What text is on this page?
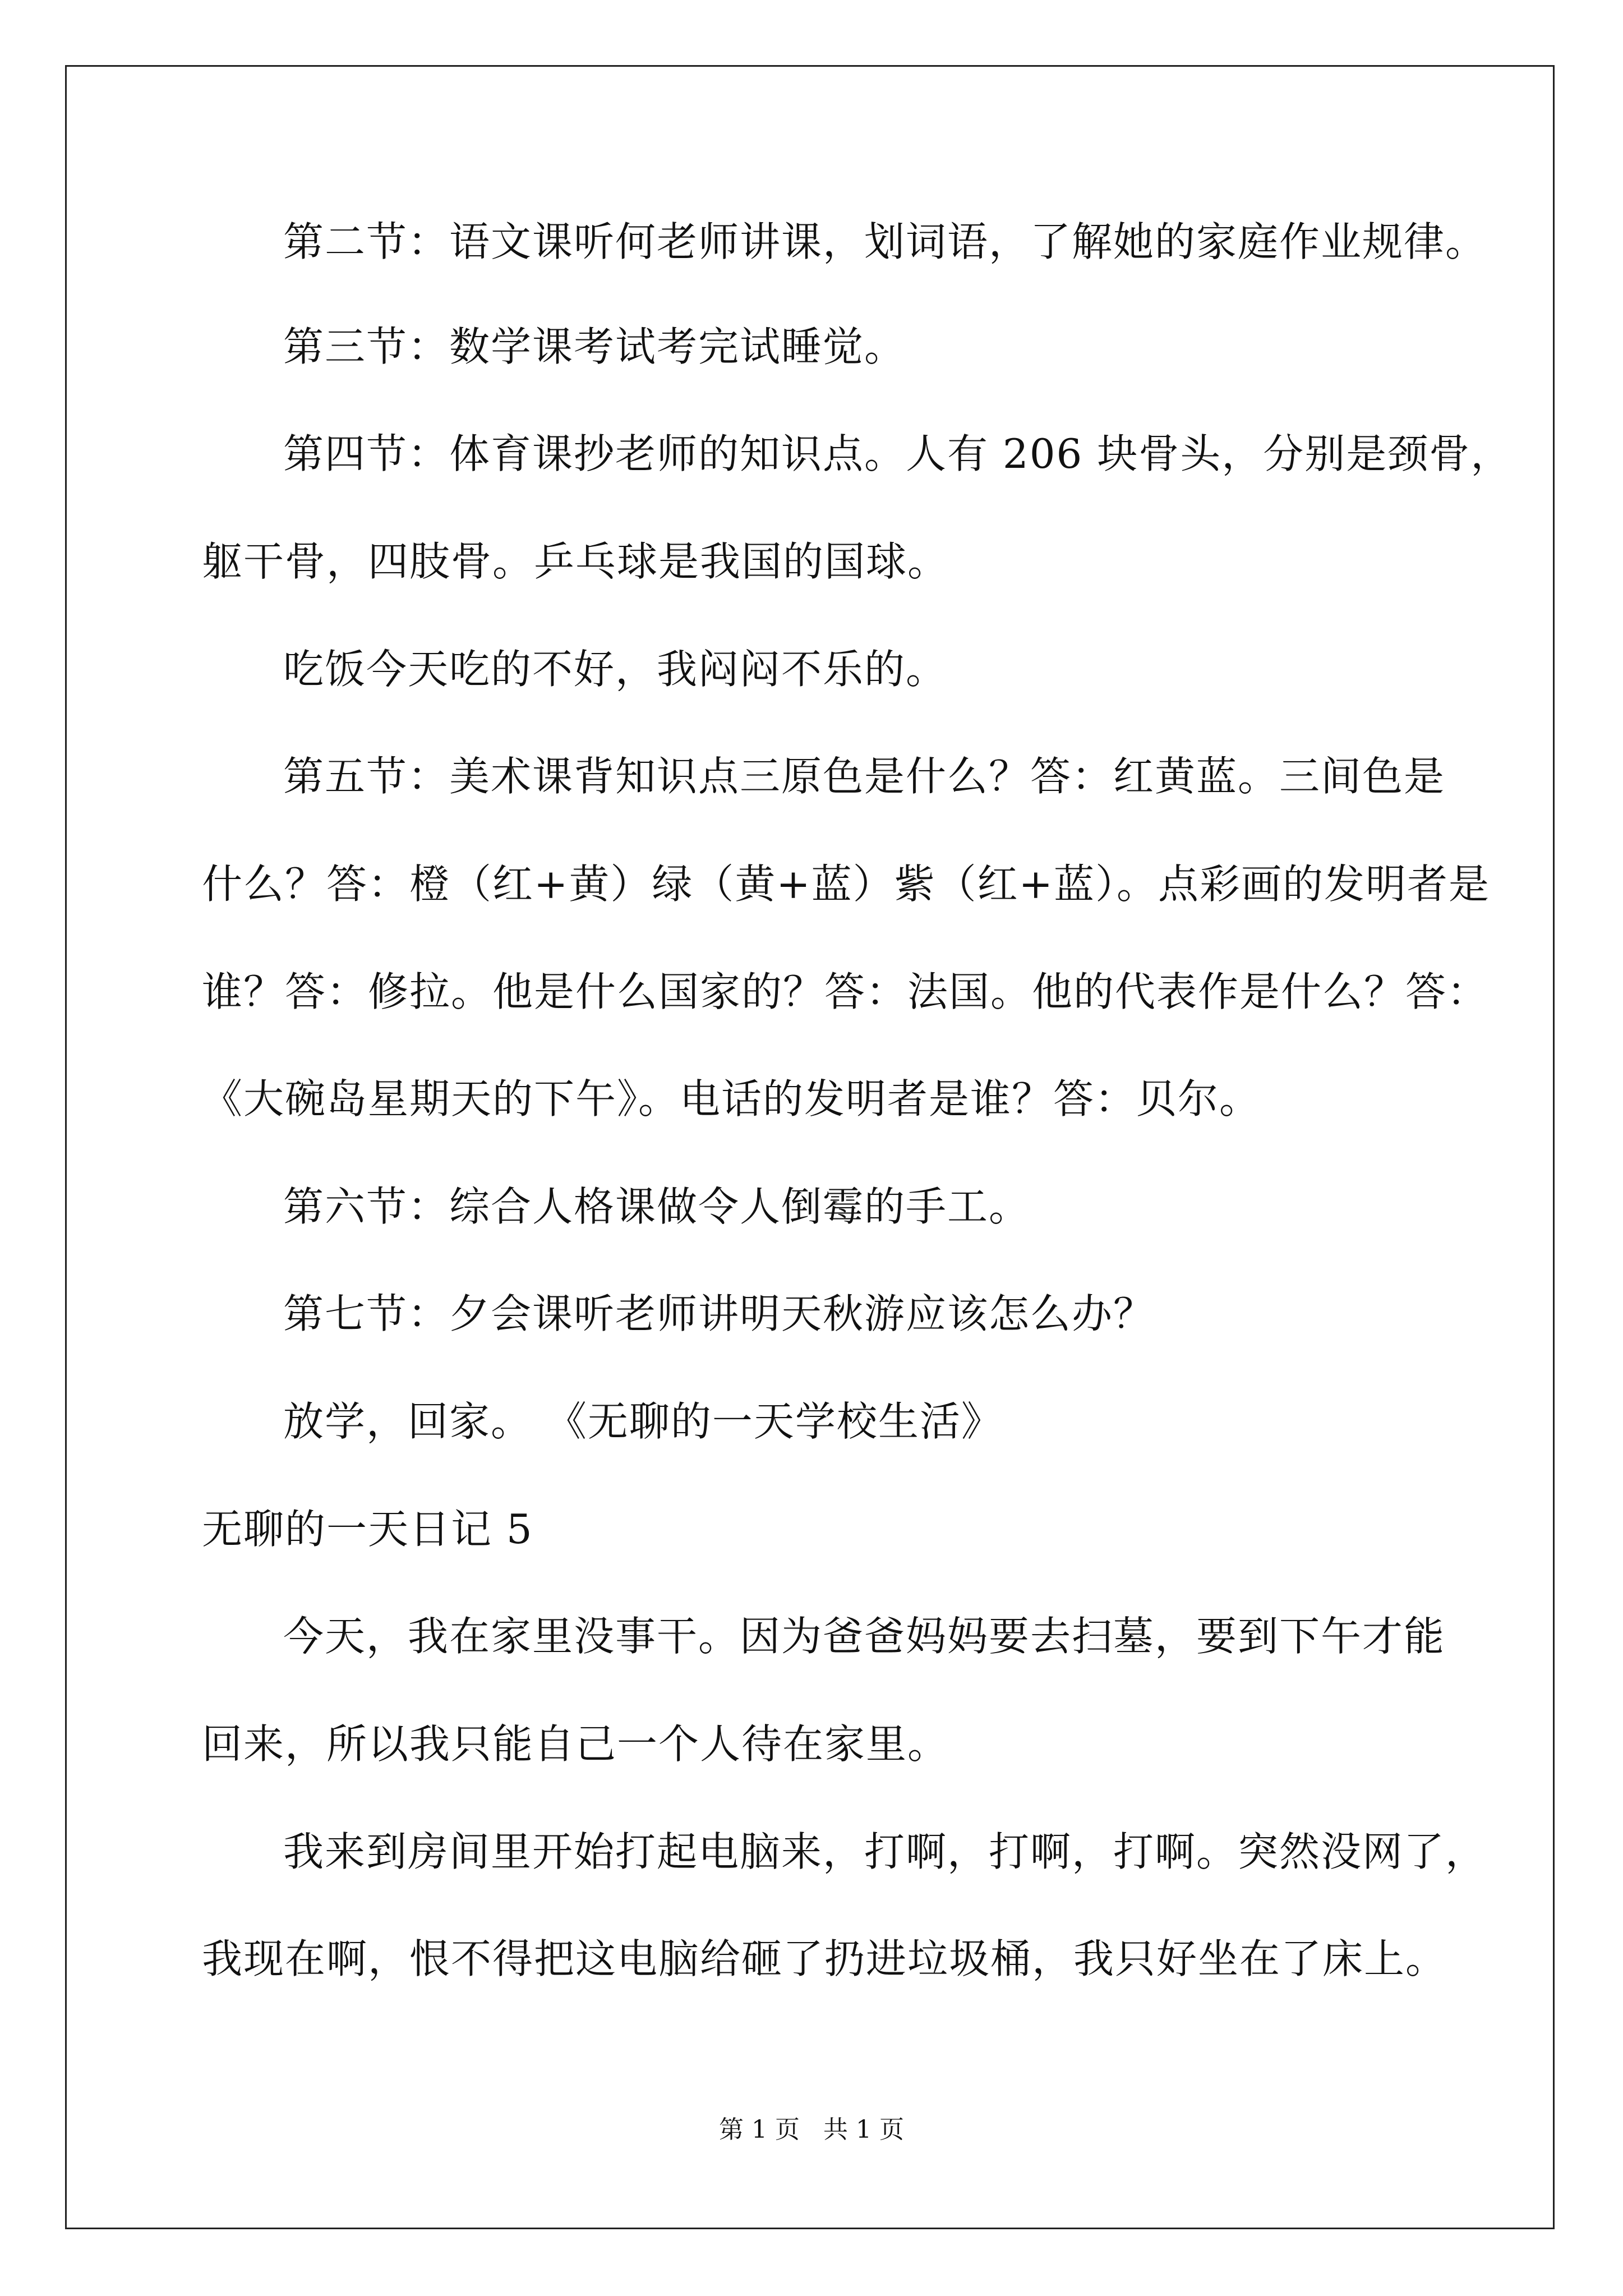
第二节：语文课听何老师讲课，划词语，了解她的家庭作业规律。
第三节：数学课考试考完试睡觉。
第四节：体育课抄老师的知识点。人有 206 块骨头，分别是颈骨，
躯干骨，四肢骨。乒乓球是我国的国球。
吃饭今天吃的不好，我闷闷不乐的。
第五节：美术课背知识点三原色是什么？答：红黄蓝。三间色是
什么？答：橙（红+黄）绿（黄+蓝）紫（红+蓝）。点彩画的发明者是
谁？答：修拉。他是什么国家的？答：法国。他的代表作是什么？答：
《大碗岛星期天的下午》。电话的发明者是谁？答：贝尔。
第六节：综合人格课做令人倒霉的手工。
第七节：夕会课听老师讲明天秋游应该怎么办？
放学，回家。 《无聊的一天学校生活》
无聊的一天日记 5
今天，我在家里没事干。因为爸爸妈妈要去扫墓，要到下午才能
回来，所以我只能自己一个人待在家里。
我来到房间里开始打起电脑来，打啊，打啊，打啊。突然没网了，
我现在啊，恨不得把这电脑给砸了扔进垃圾桶，我只好坐在了床上。
第 1 页   共 1 页
